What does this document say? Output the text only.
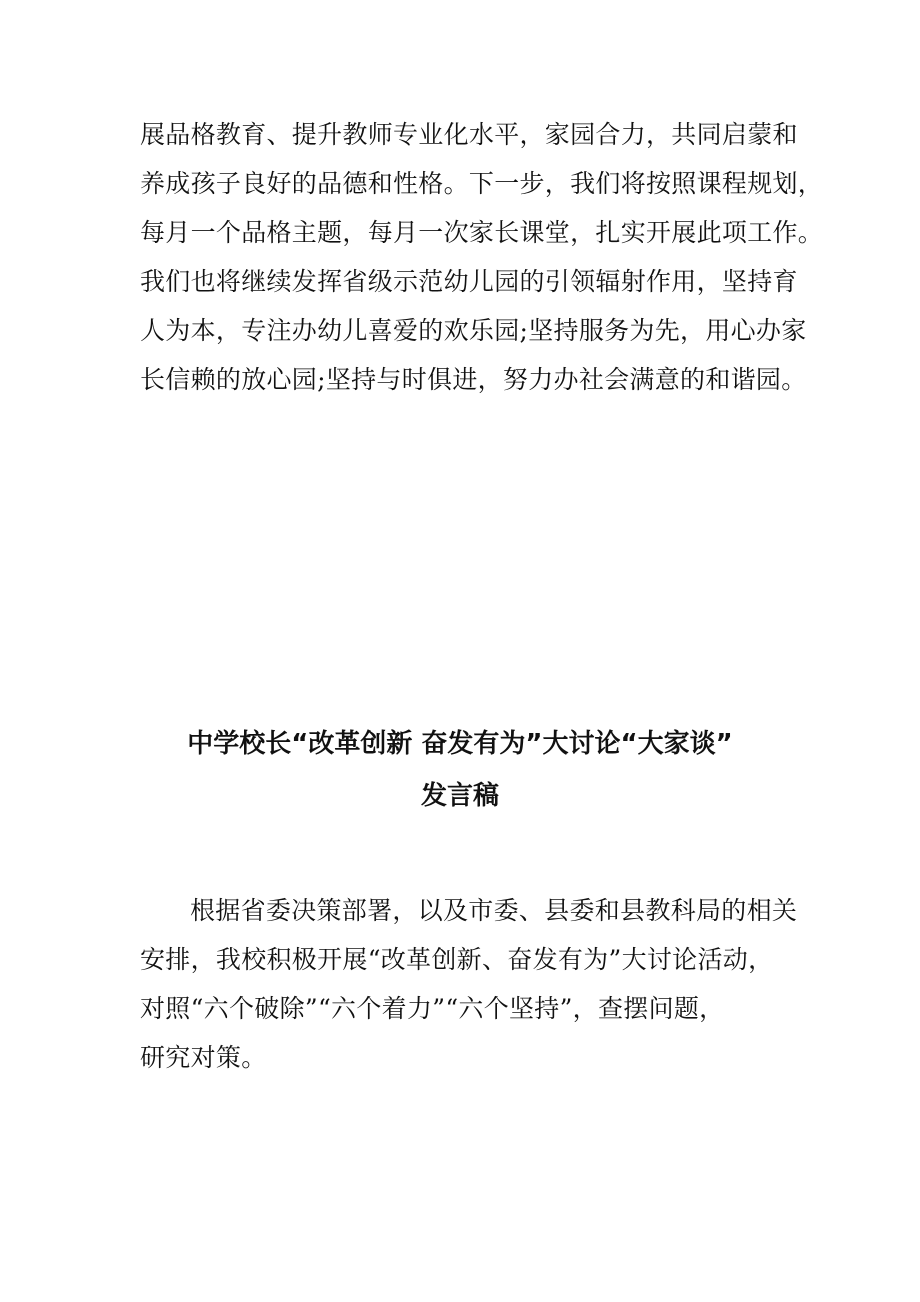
展品格教育、提升教师专业化水平，家园合力，共同启蒙和
养成孩子良好的品德和性格。下一步，我们将按照课程规划，
每月一个品格主题，每月一次家长课堂，扎实开展此项工作。
我们也将继续发挥省级示范幼儿园的引领辐射作用，坚持育
人为本，专注办幼儿喜爱的欢乐园;坚持服务为先，用心办家
长信赖的放心园;坚持与时俱进，努力办社会满意的和谐园。

中学校长“改革创新 奋发有为”大讨论“大家谈”
发言稿

根据省委决策部署，以及市委、县委和县教科局的相关
安排，我校积极开展“改革创新、奋发有为”大讨论活动，
对照“六个破除”“六个着力”“六个坚持”，查摆问题，
研究对策。
